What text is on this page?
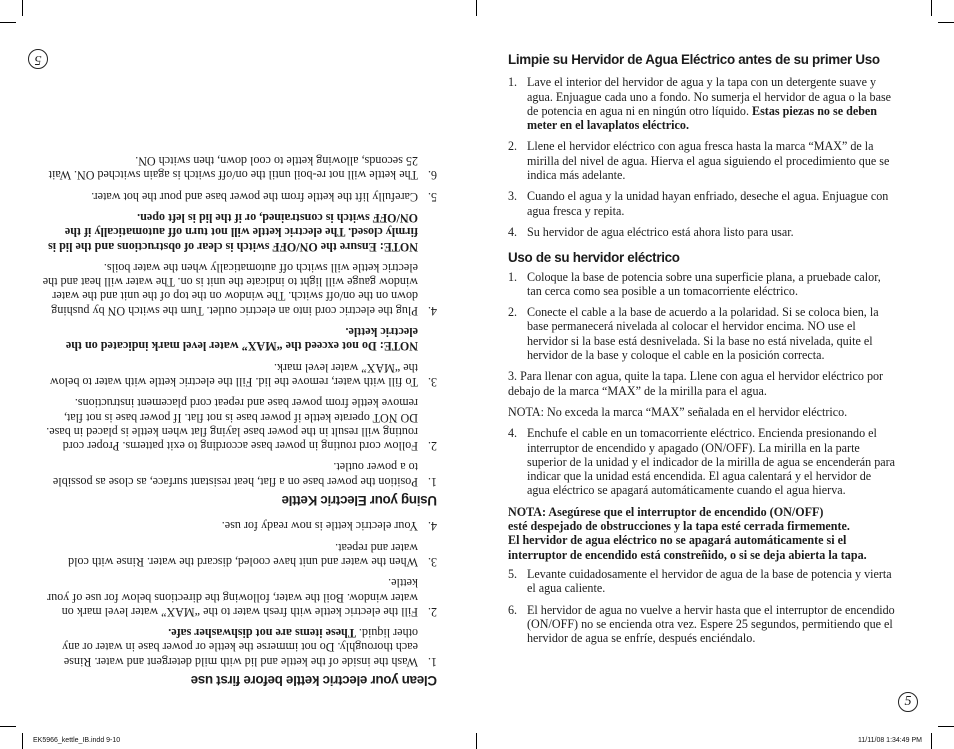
5
Clean your electric kettle before first use
1.
Wash the inside of the kettle and lid with mild detergent and water. Rinse each thoroughly. Do not immerse the kettle or power base in water or any other liquid. These items are not dishwasher safe.
2.
Fill the electric kettle with fresh water to the “MAX” water level mark on water window. Boil the water, following the directions below for use of your kettle.
3.
When the water and unit have cooled, discard the water. Rinse with cold water and repeat.
4.
Your electric kettle is now ready for use.
Using your Electric Kettle
1.
Position the power base on a flat, heat resistant surface, as close as possible to a power outlet.
2.
Follow cord routing in power base according to exit patterns. Proper cord routing will result in the power base laying flat when kettle is placed in base. DO NOT operate kettle if power base is not flat. If power base is not flat, remove kettle from power base and repeat cord placement instructions.
3.
To fill with water, remove the lid. Fill the electric kettle with water to below the “MAX” water level mark.

NOTE: Do not exceed the “MAX” water level mark indicated on the electric kettle.

4.
Plug the electric cord into an electric outlet. Turn the switch ON by pushing down on the on/off switch. The window on the top of the unit and the water window gauge will light to indicate the unit is on. The water will heat and the electric kettle will switch off automatically when the water boils.

NOTE: Ensure the ON/OFF switch is clear of obstructions and the lid is firmly closed. The electric kettle will not turn off automatically if the ON/OFF switch is constrained, or if the lid is left open.

5.
Carefully lift the kettle from the power base and pour the hot water.
6.
The kettle will not re-boil until the on/off switch is again switched ON. Wait 25 seconds, allowing kettle to cool down, then switch ON.
Limpie su Hervidor de Agua Eléctrico antes de su primer Uso
1. Lave el interior del hervidor de agua y la tapa con un detergente suave y agua. Enjuague cada uno a fondo. No sumerja el hervidor de agua o la base de potencia en agua ni en ningún otro líquido. Estas piezas no se deben meter en el lavaplatos eléctrico.
2. Llene el hervidor eléctrico con agua fresca hasta la marca “MAX” de la mirilla del nivel de agua. Hierva el agua siguiendo el procedimiento que se indica más adelante.
3. Cuando el agua y la unidad hayan enfriado, deseche el agua. Enjuague con agua fresca y repita.
4. Su hervidor de agua eléctrico está ahora listo para usar.
Uso de su hervidor eléctrico
1. Coloque la base de potencia sobre una superficie plana, a pruebade calor, tan cerca como sea posible a un tomacorriente eléctrico.
2. Conecte el cable a la base de acuerdo a la polaridad. Si se coloca bien, la base permanecerá nivelada al colocar el hervidor encima. NO use el hervidor si la base está desnivelada. Si la base no está nivelada, quite el hervidor de la base y coloque el cable en la posición correcta.

3. Para llenar con agua, quite la tapa. Llene con agua el hervidor eléctrico por debajo de la marca “MAX” de la mirilla para el agua.

NOTA: No exceda la marca “MAX” señalada en el hervidor eléctrico.

4. Enchufe el cable en un tomacorriente eléctrico. Encienda presionando el interruptor de encendido y apagado (ON/OFF). La mirilla en la parte superior de la unidad y el indicador de la mirilla de agua se encenderán para indicar que la unidad está encendida. El agua calentará y el hervidor de agua eléctrico se apagará automáticamente cuando el agua hierva.

NOTA: Asegúrese que el interruptor de encendido (ON/OFF)
esté despejado de obstrucciones y la tapa esté cerrada firmemente.
El hervidor de agua eléctrico no se apagará automáticamente si el
interruptor de encendido está constreñido, o si se deja abierta la tapa.

5. Levante cuidadosamente el hervidor de agua de la base de potencia y vierta el agua caliente.
6. El hervidor de agua no vuelve a hervir hasta que el interruptor de encendido (ON/OFF) no se encienda otra vez. Espere 25 segundos, permitiendo que el hervidor de agua se enfríe, después enciéndalo.
5
EK5966_kettle_IB.indd 9-10	11/11/08 1:34:49 PM
